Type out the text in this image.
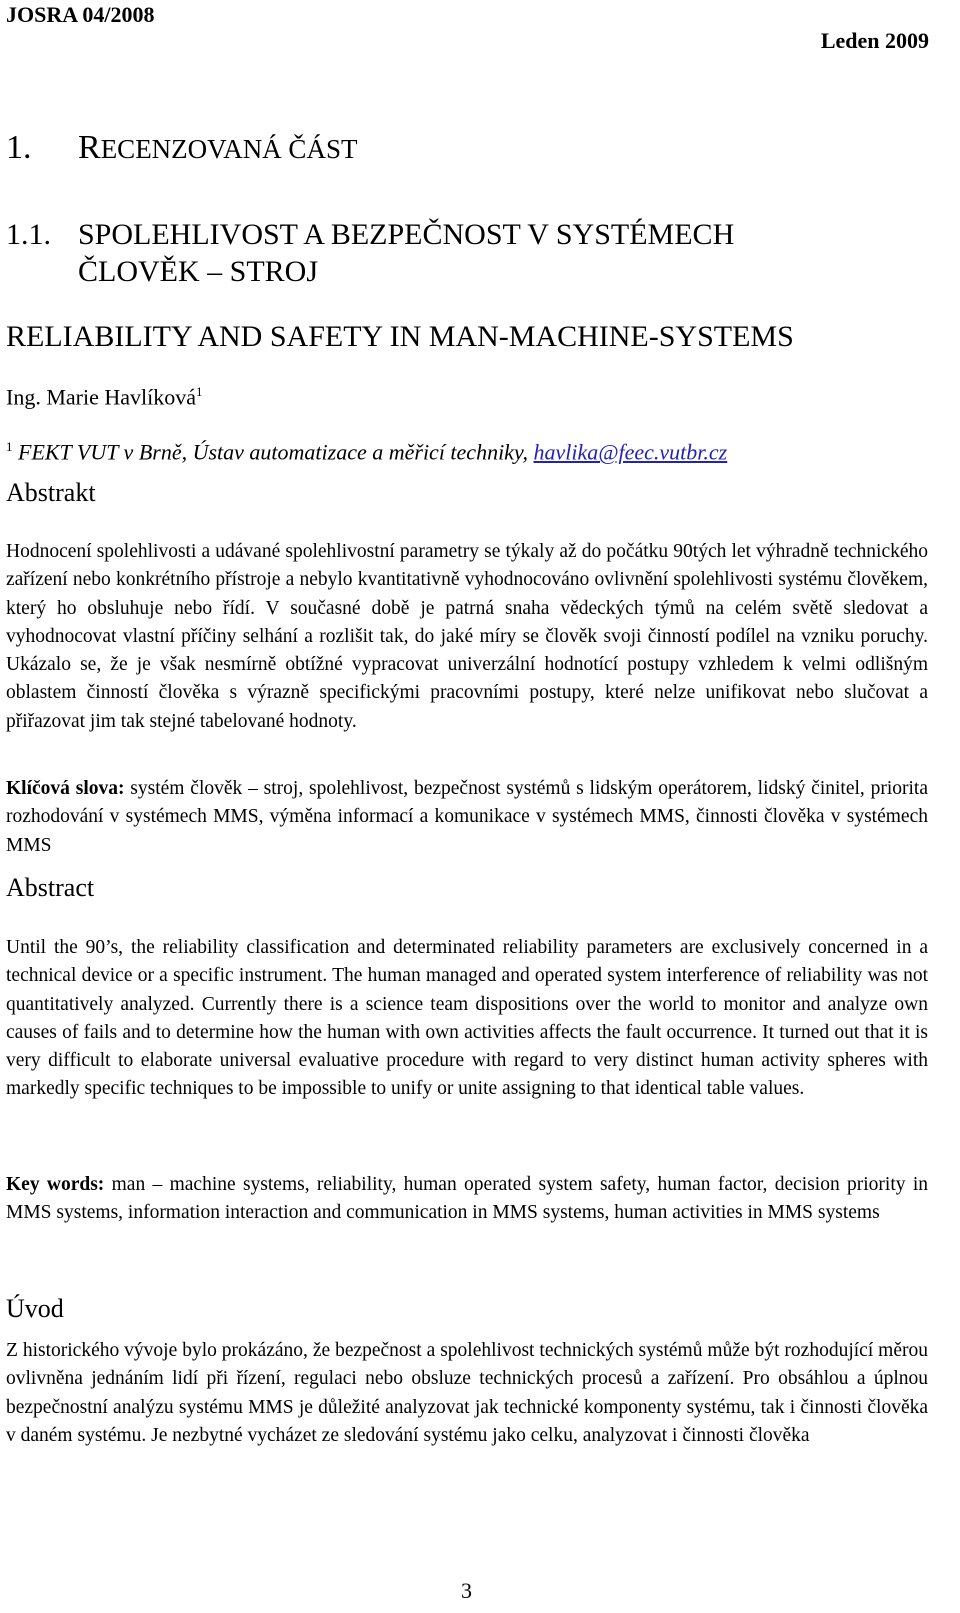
JOSRA 04/2008
Leden 2009
1. RECENZOVANÁ ČÁST
1.1. SPOLEHLIVOST A BEZPEČNOST V SYSTÉMECH
ČLOVĚK – STROJ
RELIABILITY AND SAFETY IN MAN-MACHINE-SYSTEMS
Ing. Marie Havlíková$^1$
$^1$ FEKT VUT v Brně, Ústav automatizace a měřicí techniky, havlika@feec.vutbr.cz
Abstrakt
Hodnocení spolehlivosti a udávané spolehlivostní parametry se týkaly až do počátku 90tých let výhradně technického zařízení nebo konkrétního přístroje a nebylo kvantitativně vyhodnocováno ovlivnění spolehlivosti systému člověkem, který ho obsluhuje nebo řídí. V současné době je patrná snaha vědeckých týmů na celém světě sledovat a vyhodnocovat vlastní příčiny selhání a rozlišit tak, do jaké míry se člověk svoji činností podílel na vzniku poruchy. Ukázalo se, že je však nesmírně obtížné vypracovat univerzální hodnotící postupy vzhledem k velmi odlišným oblastem činností člověka s výrazně specifickými pracovními postupy, které nelze unifikovat nebo slučovat a přiřazovat jim tak stejné tabelované hodnoty.
Klíčová slova: systém člověk – stroj, spolehlivost, bezpečnost systémů s lidským operátorem, lidský činitel, priorita rozhodování v systémech MMS, výměna informací a komunikace v systémech MMS, činnosti člověka v systémech MMS
Abstract
Until the 90’s, the reliability classification and determinated reliability parameters are exclusively concerned in a technical device or a specific instrument. The human managed and operated system interference of reliability was not quantitatively analyzed. Currently there is a science team dispositions over the world to monitor and analyze own causes of fails and to determine how the human with own activities affects the fault occurrence. It turned out that it is very difficult to elaborate universal evaluative procedure with regard to very distinct human activity spheres with markedly specific techniques to be impossible to unify or unite assigning to that identical table values.
Key words: man – machine systems, reliability, human operated system safety, human factor, decision priority in MMS systems, information interaction and communication in MMS systems, human activities in MMS systems
Úvod
Z historického vývoje bylo prokázáno, že bezpečnost a spolehlivost technických systémů může být rozhodující měrou ovlivněna jednáním lidí při řízení, regulaci nebo obsluze technických procesů a zařízení. Pro obsáhlou a úplnou bezpečnostní analýzu systému MMS je důležité analyzovat jak technické komponenty systému, tak i činnosti člověka v daném systému. Je nezbytné vycházet ze sledování systému jako celku, analyzovat i činnosti člověka
3
